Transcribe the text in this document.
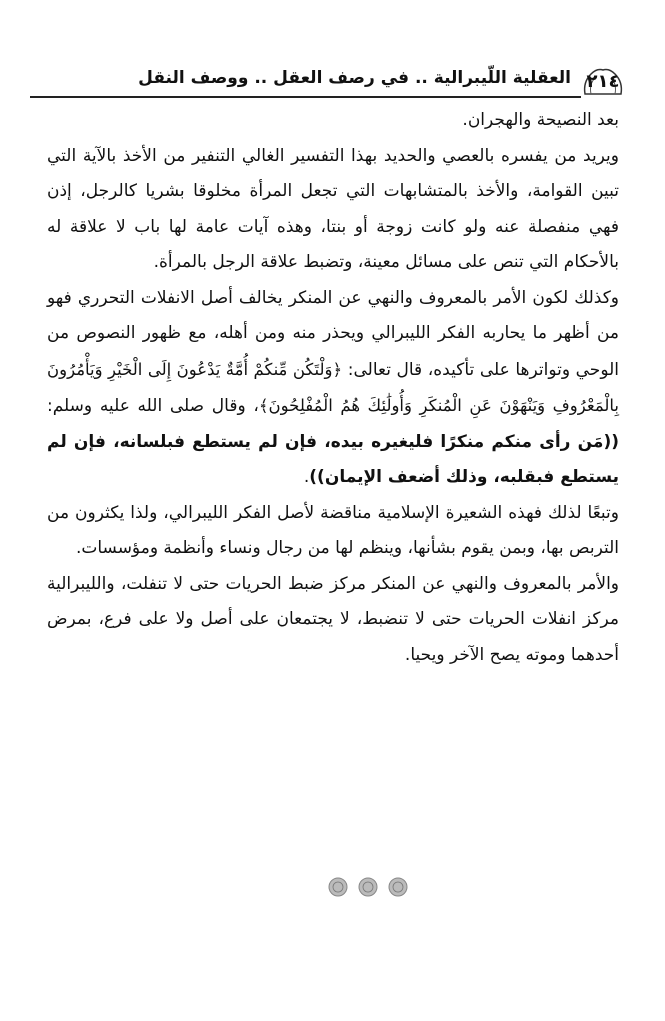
٢١٤
العقلية اللّيبرالية .. في رصف العقل .. ووصف النقل

بعد النصيحة والهجران.

ويريد من يفسره بالعصي والحديد بهذا التفسير الغالي التنفير من الأخذ بالآية التي تبين القوامة، والأخذ بالمتشابهات التي تجعل المرأة مخلوقا بشريا كالرجل، إذن فهي منفصلة عنه ولو كانت زوجة أو بنتا، وهذه آيات عامة لها باب لا علاقة له بالأحكام التي تنص على مسائل معينة، وتضبط علاقة الرجل بالمرأة.

وكذلك لكون الأمر بالمعروف والنهي عن المنكر يخالف أصل الانفلات التحرري فهو من أظهر ما يحاربه الفكر الليبرالي ويحذر منه ومن أهله، مع ظهور النصوص من الوحي وتواترها على تأكيده، قال تعالى: ﴿وَلْتَكُن مِّنكُمْ أُمَّةٌ يَدْعُونَ إِلَى الْخَيْرِ وَيَأْمُرُونَ بِالْمَعْرُوفِ وَيَنْهَوْنَ عَنِ الْمُنكَرِ وَأُولَٰئِكَ هُمُ الْمُفْلِحُونَ﴾، وقال صلى الله عليه وسلم: ((مَن رأى منكم منكرًا فليغيره بيده، فإن لم يستطع فبلسانه، فإن لم يستطع فبقلبه، وذلك أضعف الإيمان)).

وتبعًا لذلك فهذه الشعيرة الإسلامية مناقضة لأصل الفكر الليبرالي، ولذا يكثرون من التربص بها، وبمن يقوم بشأنها، وينظم لها من رجال ونساء وأنظمة ومؤسسات.

والأمر بالمعروف والنهي عن المنكر مركز ضبط الحريات حتى لا تنفلت، والليبرالية مركز انفلات الحريات حتى لا تنضبط، لا يجتمعان على أصل ولا على فرع، بمرض أحدهما وموته يصح الآخر ويحيا.
